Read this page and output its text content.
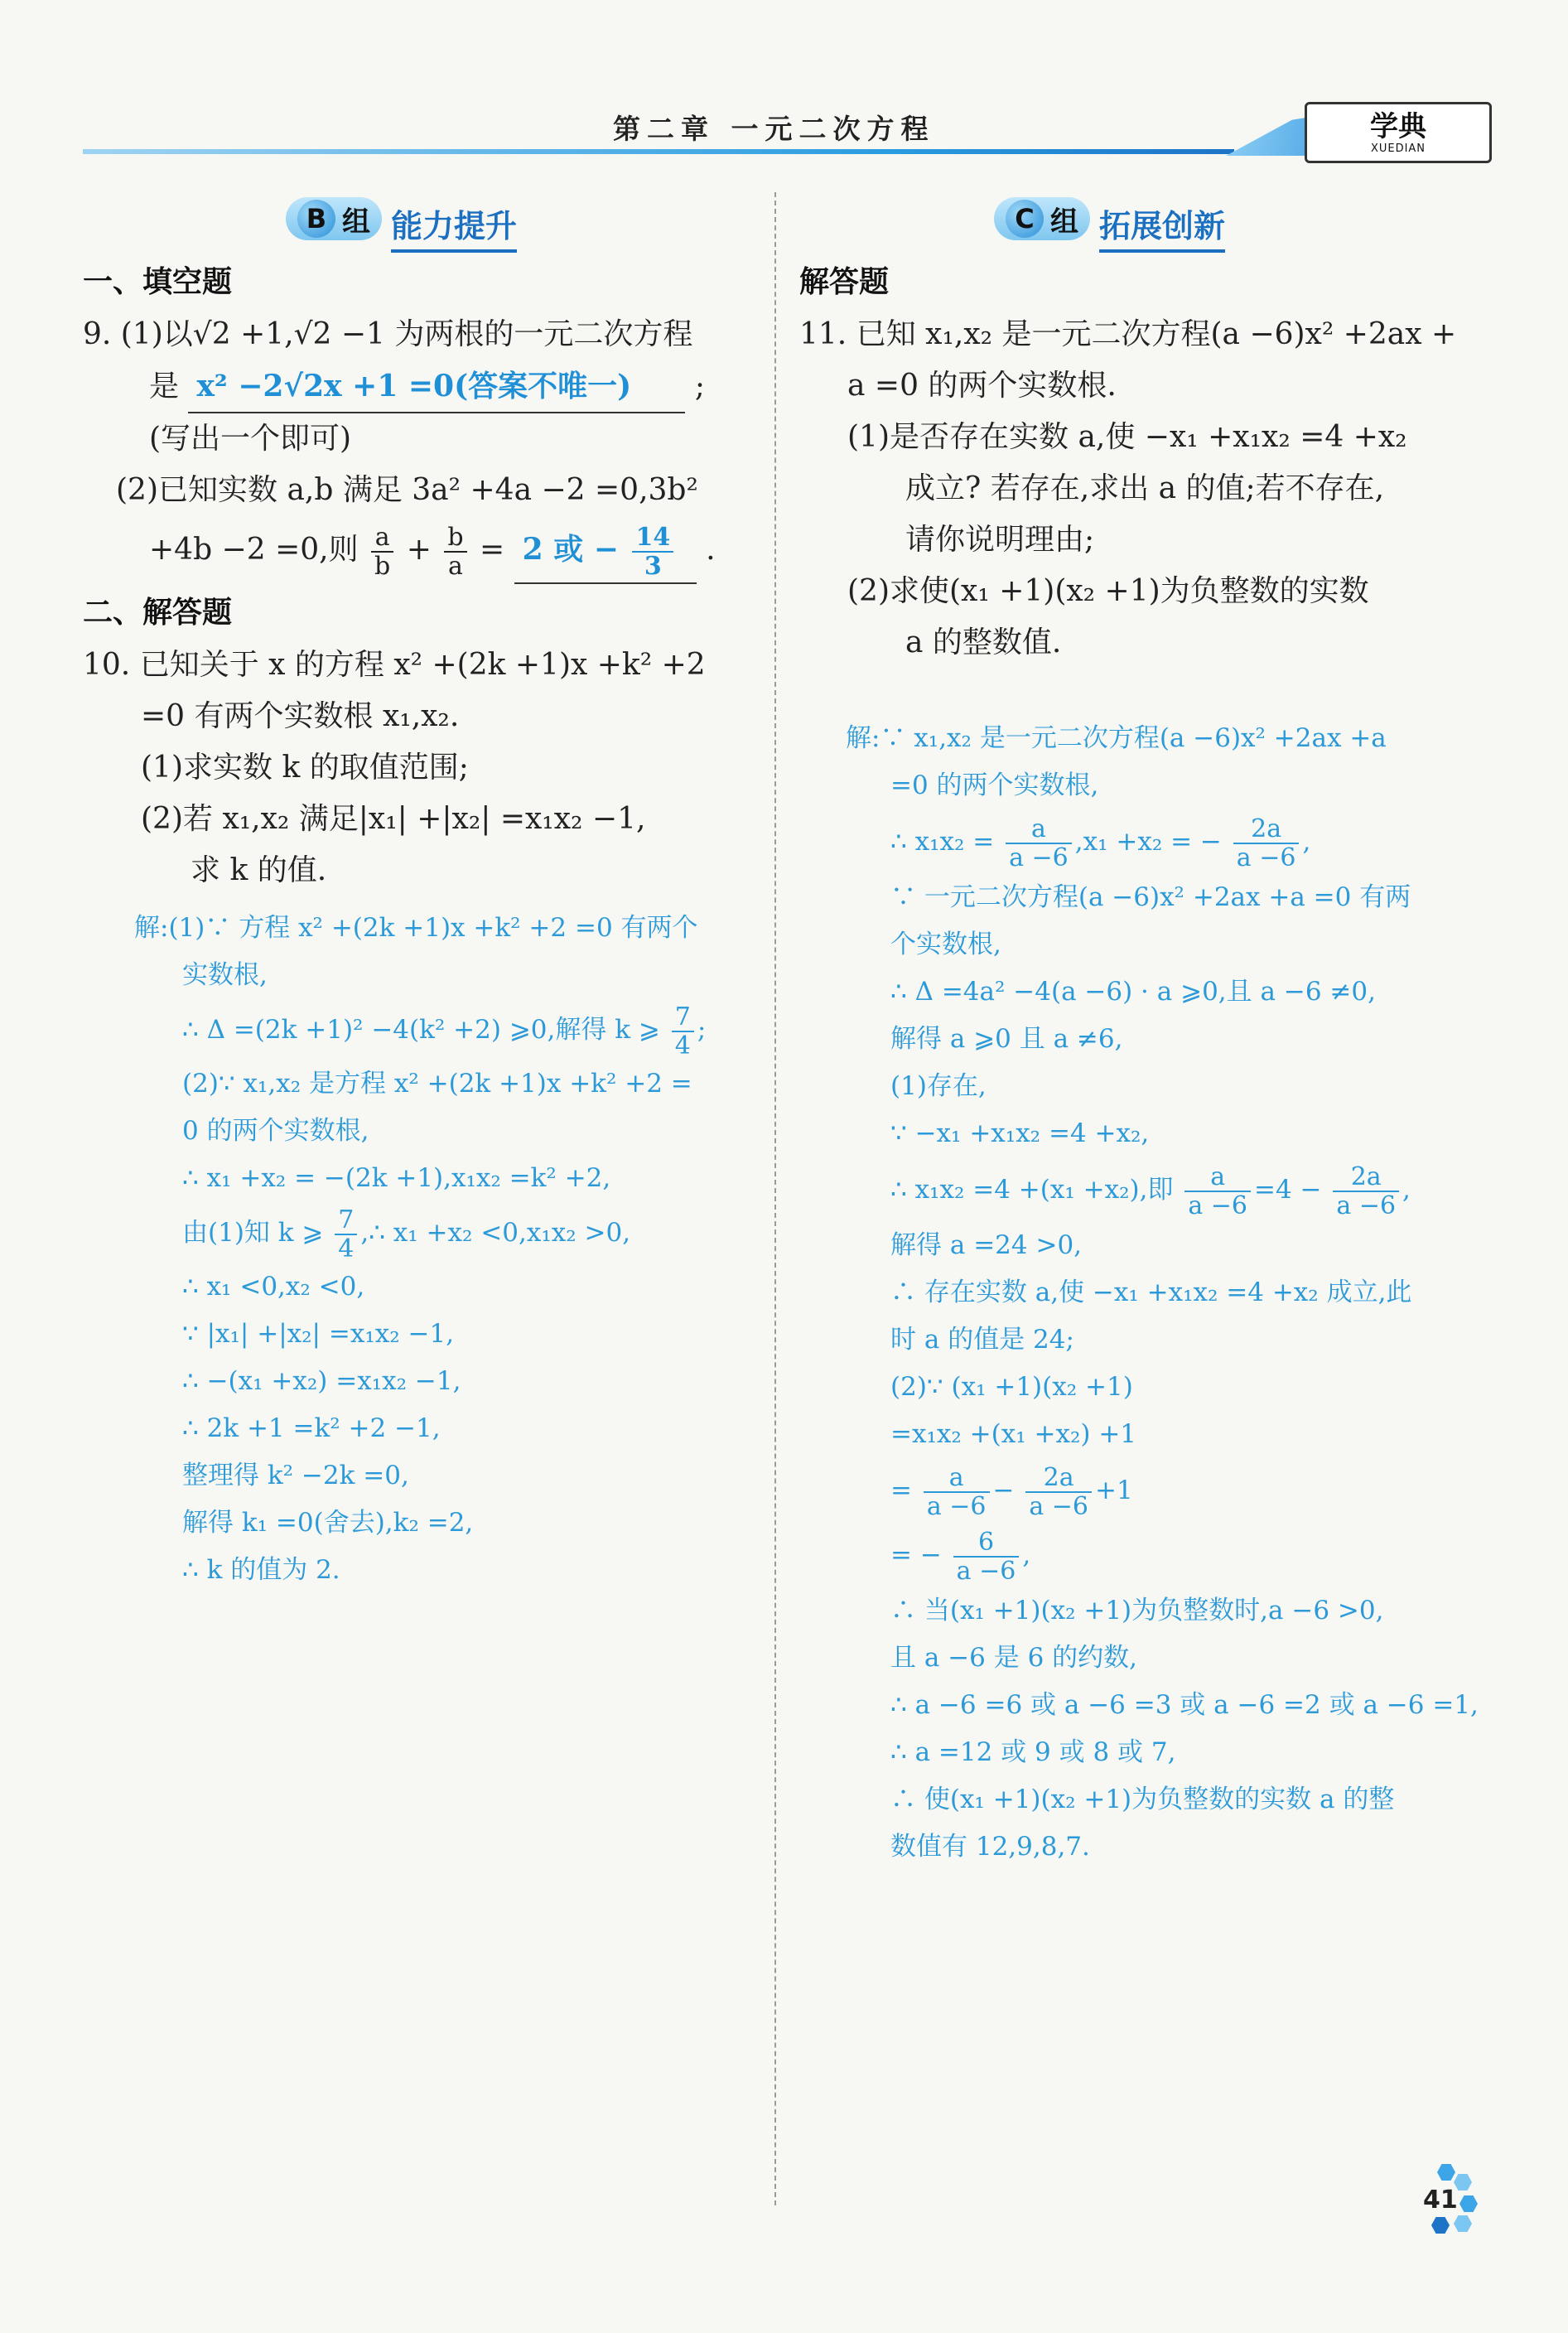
第二章 一元二次方程	学典
XUEDIAN
B 组 能力提升
一、填空题
9. (1)以√2 +1,√2 −1 为两根的一元二次方程
是 x² −2√2x +1 =0(答案不唯一) ;
(写出一个即可)
(2)已知实数 a,b 满足 3a² +4a −2 =0,3b²
+4b −2 =0,则 $\frac{a}{b} + \frac{b}{a} = 2$ 或 − $\frac{14}{3}$ .
二、解答题
10. 已知关于 x 的方程 x² +(2k +1)x +k² +2
=0 有两个实数根 x₁,x₂.
(1)求实数 k 的取值范围;
(2)若 x₁,x₂ 满足|x₁| +|x₂| =x₁x₂ −1,
求 k 的值.
解:(1)∵ 方程 x² +(2k +1)x +k² +2 =0 有两个
实数根,
∴ Δ =(2k +1)² −4(k² +2) ⩾0,解得 k ⩾ $\frac{7}{4}$ ;
(2)∵ x₁,x₂ 是方程 x² +(2k +1)x +k² +2 =
0 的两个实数根,
∴ x₁ +x₂ = −(2k +1),x₁x₂ =k² +2,
由(1)知 k ⩾ $\frac{7}{4}$ ,∴ x₁ +x₂ <0,x₁x₂ >0,
∴ x₁ <0,x₂ <0,
∵ |x₁| +|x₂| =x₁x₂ −1,
∴ −(x₁ +x₂) =x₁x₂ −1,
∴ 2k +1 =k² +2 −1,
整理得 k² −2k =0,
解得 k₁ =0(舍去),k₂ =2,
∴ k 的值为 2.
C 组 拓展创新
解答题
11. 已知 x₁,x₂ 是一元二次方程(a −6)x² +2ax +
a =0 的两个实数根.
(1)是否存在实数 a,使 −x₁ +x₁x₂ =4 +x₂
成立? 若存在,求出 a 的值;若不存在,
请你说明理由;
(2)求使(x₁ +1)(x₂ +1)为负整数的实数
a 的整数值.
解:∵ x₁,x₂ 是一元二次方程(a −6)x² +2ax +a
=0 的两个实数根,
∴ $x_1x_2 = \frac{a}{a -6} ,x_1 +x_2$ = − $\frac{2a}{a -6}$ ,
∵ 一元二次方程(a −6)x² +2ax +a =0 有两
个实数根,
∴ Δ =4a² −4(a −6) · a ⩾0,且 a −6 ≠0,
解得 a ⩾0 且 a ≠6,
(1)存在,
∵ −x₁ +x₁x₂ =4 +x₂,
∴ x₁x₂ =4 +(x₁ +x₂),即 $\frac{a}{a -6} =4 - \frac{2a}{a -6}$ ,
解得 a =24 >0,
∴ 存在实数 a,使 −x₁ +x₁x₂ =4 +x₂ 成立,此
时 a 的值是 24;
(2)∵ (x₁ +1)(x₂ +1)
=x₁x₂ +(x₁ +x₂) +1
= $\frac{a}{a -6} - \frac{2a}{a -6} +1$
= − $\frac{6}{a -6}$ ,
∴ 当(x₁ +1)(x₂ +1)为负整数时,a −6 >0,
且 a −6 是 6 的约数,
∴ a −6 =6 或 a −6 =3 或 a −6 =2 或 a −6 =1,
∴ a =12 或 9 或 8 或 7,
∴ 使(x₁ +1)(x₂ +1)为负整数的实数 a 的整
数值有 12,9,8,7.
41
